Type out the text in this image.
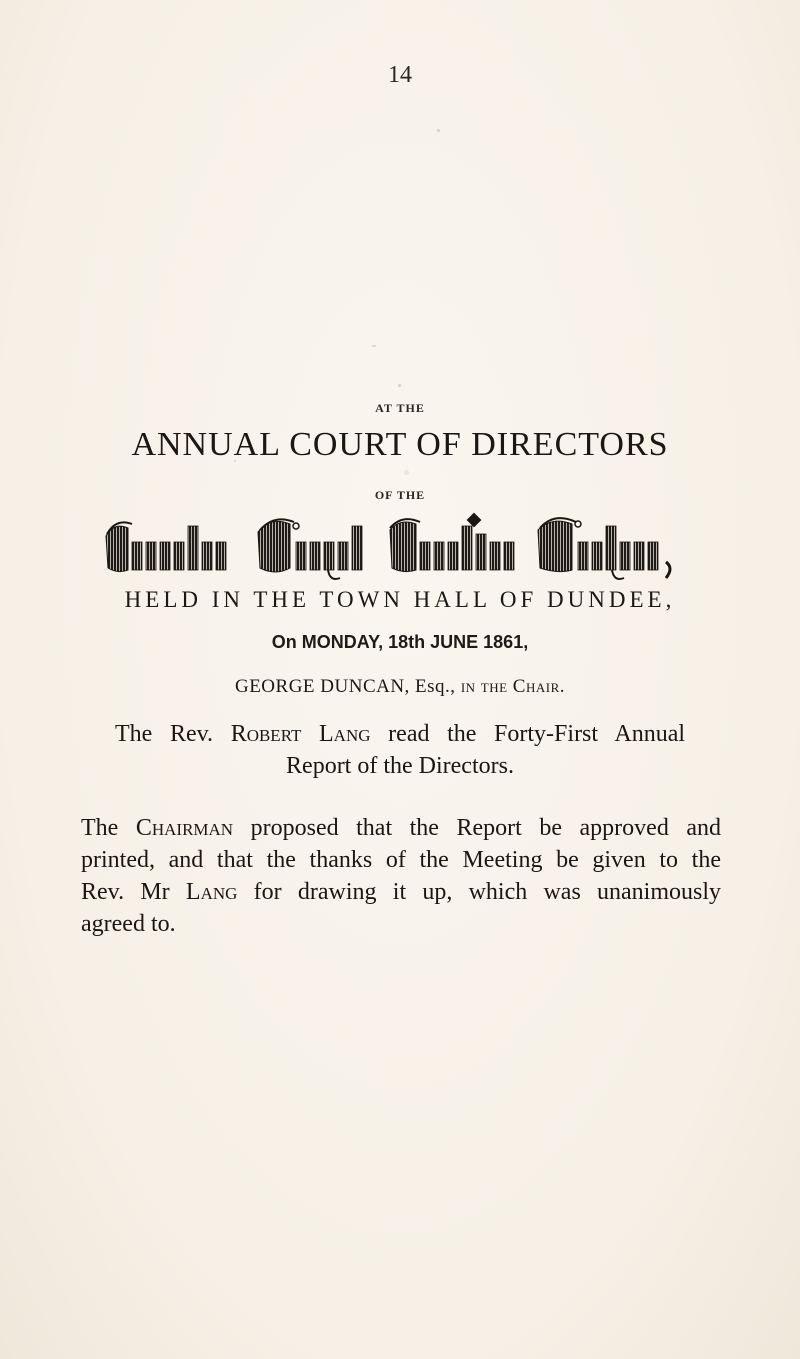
14
AT THE
ANNUAL COURT OF DIRECTORS
OF THE
HELD IN THE TOWN HALL OF DUNDEE,
On MONDAY, 18th JUNE 1861,
GEORGE DUNCAN, Esq., in the Chair.
The Rev. Robert Lang read the Forty-First Annual
Report of the Directors.
The Chairman proposed that the Report be approved and
printed, and that the thanks of the Meeting be given to the
Rev. Mr Lang for drawing it up, which was unanimously
agreed to.
